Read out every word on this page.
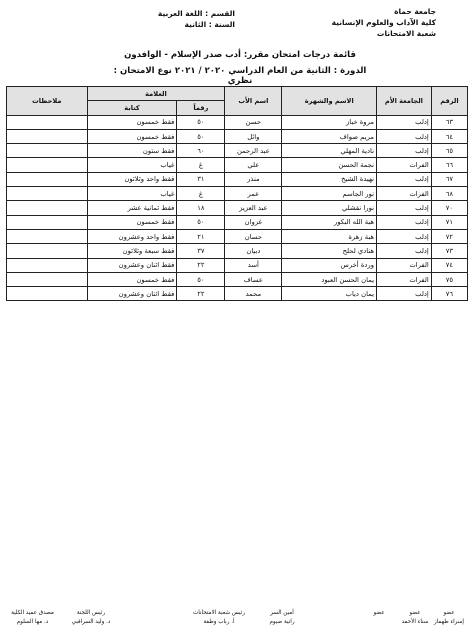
جامعة حماة
كلية الآداب والعلوم الإنسانية
شعبة الامتحانات
القسم : اللغة العربية
السنة : الثانية
قائمة درجات امتحان مقرر: أدب صدر الإسلام - الوافدون
الدورة : الثانية من العام الدراسي ٢٠٢٠ / ٢٠٢١ نوع الامتحان : نظري
الرقم	الجامعة الأم	الاسم والشهرة	اسم الأب	العلامة		ملاحظات
				رقماً	كتابة	
٦٣	إدلب	مروة خباز	حسن	٥٠	فقط خمسون	
٦٤	إدلب	مريم صواف	وائل	٥٠	فقط خمسون	
٦٥	إدلب	نادية المهلي	عبد الرحمن	٦٠	فقط ستون	
٦٦	الفرات	نجمة الحسن	علي	غ	غياب	
٦٧	إدلب	نهيدة الشيخ	منذر	٣١	فقط واحد وثلاثون	
٦٨	الفرات	نور الجاسم	عمر	غ	غياب	
٧٠	إدلب	نورا نقشلي	عبد العزيز	١٨	فقط ثمانية عشر	
٧١	إدلب	هبة الله البكور	غزوان	٥٠	فقط خمسون	
٧٢	إدلب	هبة زهرة	حسان	٢١	فقط واحد وعشرون	
٧٣	إدلب	هنادي لحلح	دبيان	٣٧	فقط سبعة وثلاثون	
٧٤	الفرات	وردة أخرس	أسد	٢٢	فقط اثنان وعشرون	
٧٥	الفرات	يمان الحسن العبود	عساف	٥٠	فقط خمسون	
٧٦	إدلب	يمان دياب	محمد	٢٢	فقط اثنان وعشرون	
عضو
إسراء طهماز
عضو
سناء الأحمد
عضو
أمين السر
رانية صيوم
رئيس شعبة الامتحانات
أ. رباب وطفة
رئيس اللجنة
د. وليد السراقبي
مصدق عميد الكلية
د. مها السلوم
